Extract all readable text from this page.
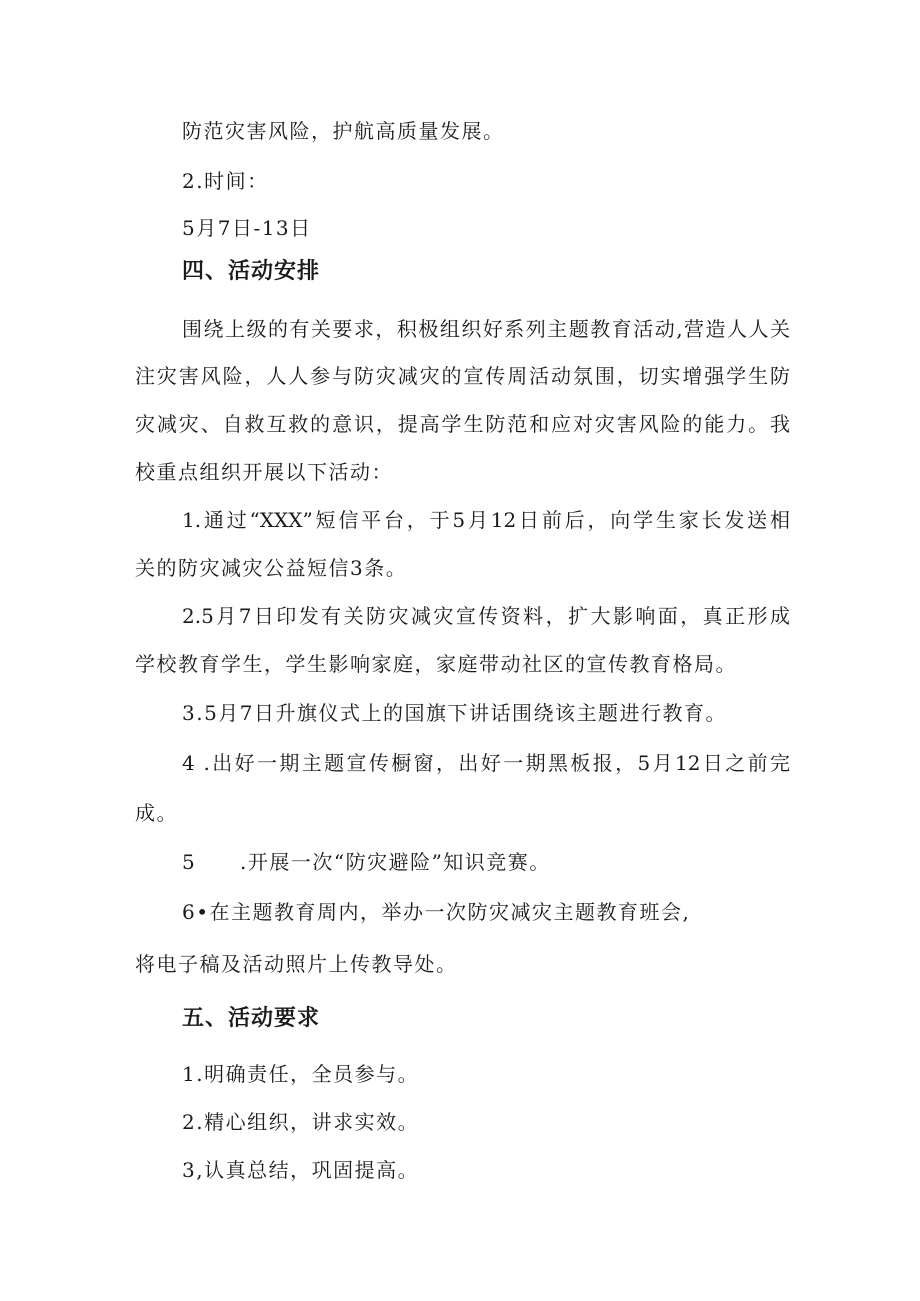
防范灾害风险，护航高质量发展。
2.时间：
5月7日-13日
四、活动安排
围绕上级的有关要求，积极组织好系列主题教育活动,营造人人关
注灾害风险，人人参与防灾减灾的宣传周活动氛围，切实增强学生防
灾减灾、自救互救的意识，提高学生防范和应对灾害风险的能力。我
校重点组织开展以下活动：
1.通过“XXX”短信平台，于5月12日前后，向学生家长发送相
关的防灾减灾公益短信3条。
2.5月7日印发有关防灾减灾宣传资料，扩大影响面，真正形成
学校教育学生，学生影响家庭，家庭带动社区的宣传教育格局。
3.5月7日升旗仪式上的国旗下讲话围绕该主题进行教育。
4 .出好一期主题宣传橱窗，出好一期黑板报，5月12日之前完
成。
5 .开展一次“防灾避险”知识竞赛。
6•在主题教育周内，举办一次防灾减灾主题教育班会,
将电子稿及活动照片上传教导处。
五、活动要求
1.明确责任，全员参与。
2.精心组织，讲求实效。
3,认真总结，巩固提高。
